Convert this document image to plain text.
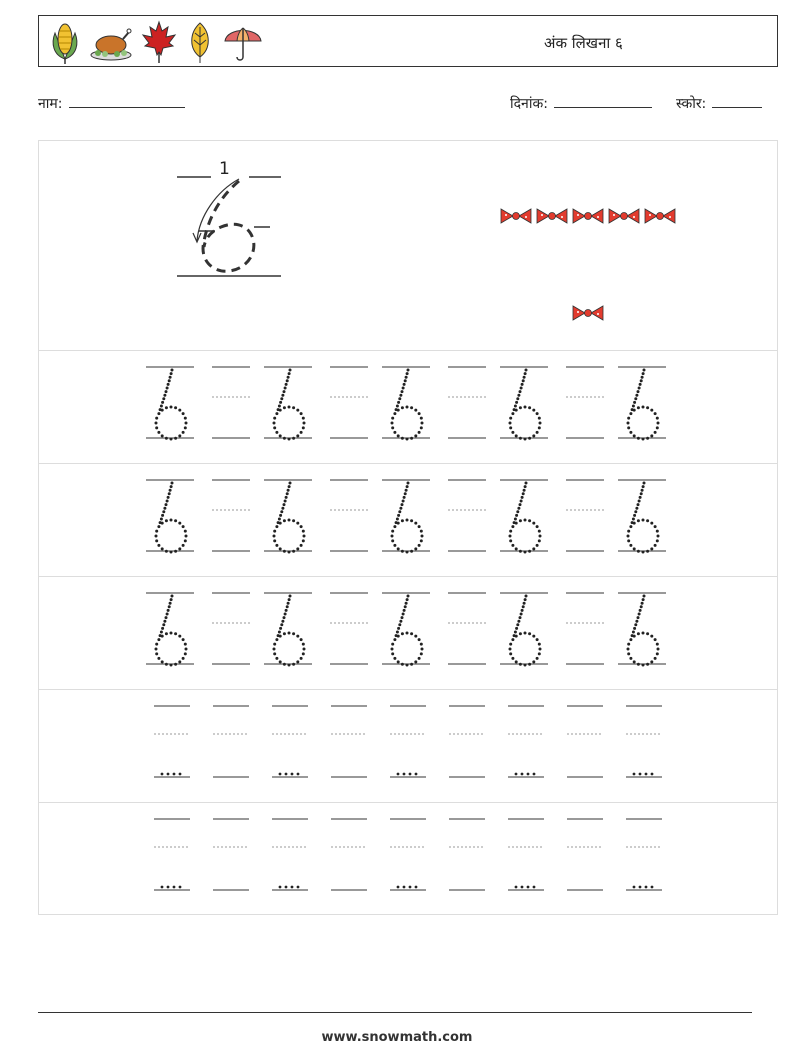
अंक लिखना ६
नाम:	दिनांक:	स्कोर:
1
www.snowmath.com
